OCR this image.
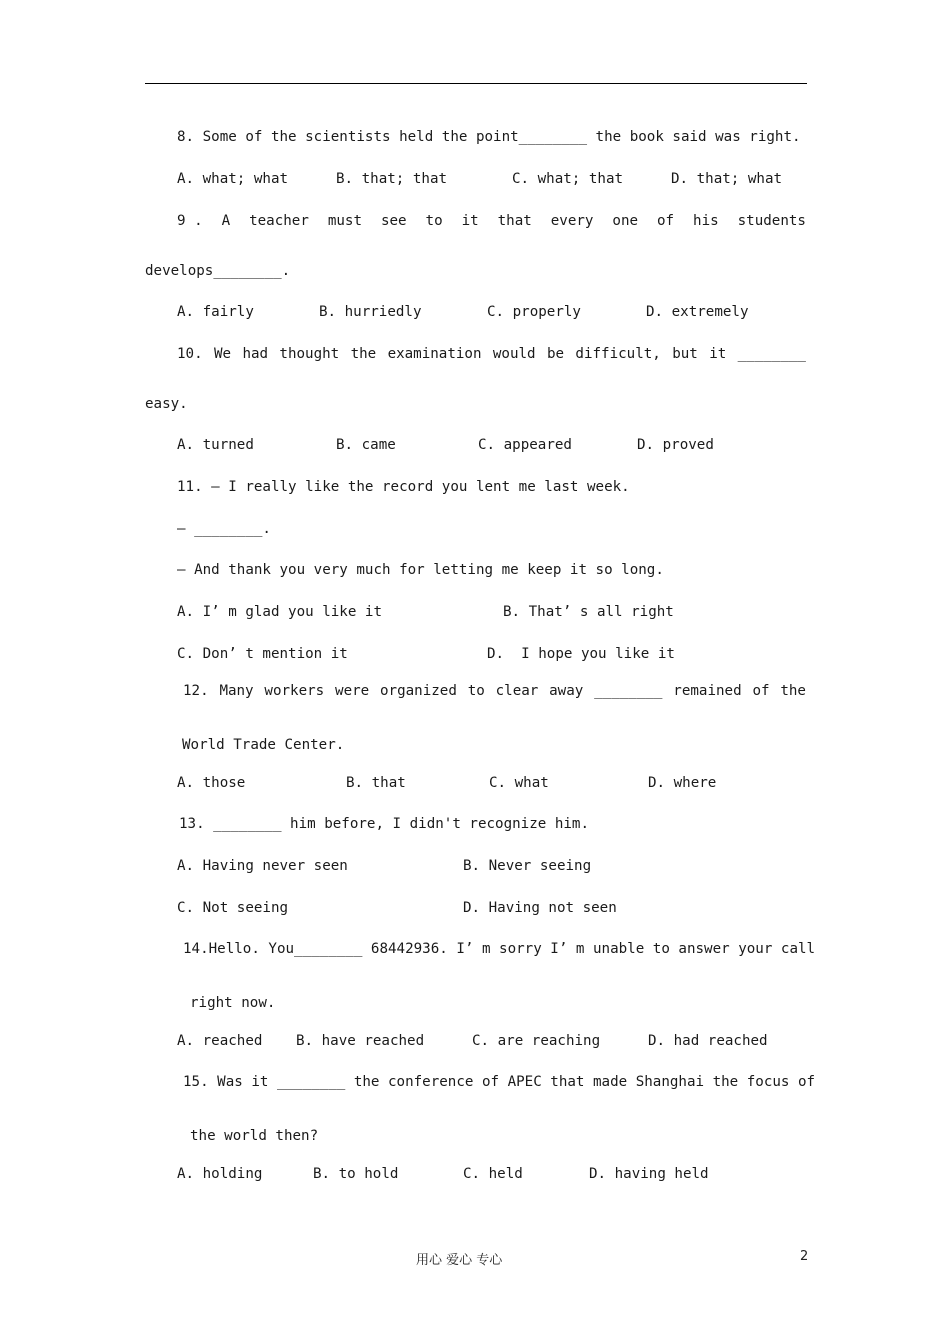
8. Some of the scientists held the point________ the book said was right.
A. what; what	B. that; that	C. what; that	D. that; what
9 . A teacher must see to it that every one of his students
develops________.
A. fairly	B. hurriedly	C. properly	D. extremely
10. We had thought the examination would be difficult, but it ________
easy.
A. turned	B. came	C. appeared	D. proved
11. — I really like the record you lent me last week.
— ________.
— And thank you very much for letting me keep it so long.
A. I’ m glad you like it	B. That’ s all right
C. Don’ t mention it	D.  I hope you like it
12. Many workers were organized to clear away ________ remained of the
World Trade Center.
A. those	B. that	C. what	D. where
13. ________ him before, I didn't recognize him.
A. Having never seen	B. Never seeing
C. Not seeing	D. Having not seen
14.Hello. You________ 68442936. I’ m sorry I’ m unable to answer your call
right now.
A. reached B. have reached	C. are reaching	D. had reached
15. Was it ________ the conference of APEC that made Shanghai the focus of
the world then?
A. holding	B. to hold	C. held	D. having held
用心 爱心 专心	2
